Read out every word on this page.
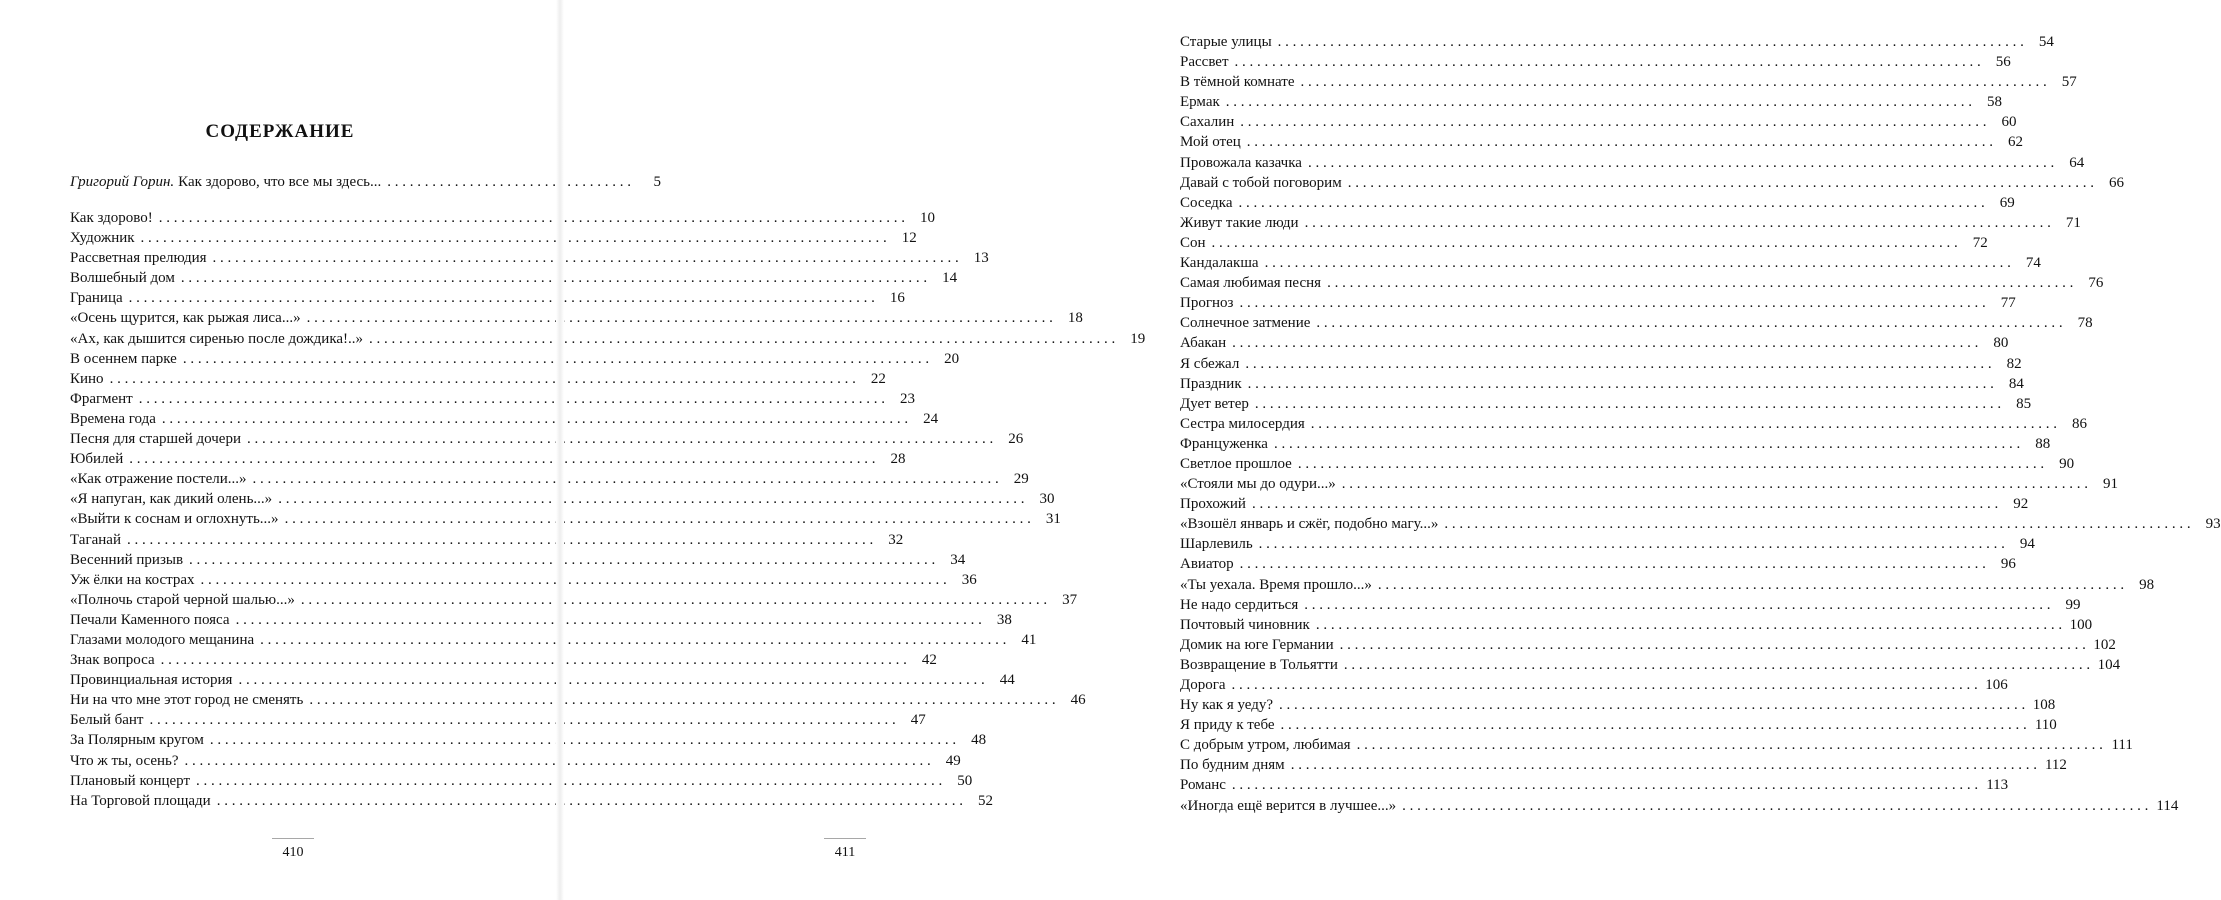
СОДЕРЖАНИЕ
Григорий Горин. Как здорово, что все мы здесь... . . .	5
Как здорово! . . .	10
Художник . . .	12
Рассветная прелюдия . . .	13
Волшебный дом . . .	14
Граница . . .	16
«Осень щурится, как рыжая лиса...» . . .	18
«Ах, как дышится сиренью после дождика!..» . . .	19
В осеннем парке . . .	20
Кино . . .	22
Фрагмент . . .	23
Времена года . . .	24
Песня для старшей дочери . . .	26
Юбилей . . .	28
«Как отражение постели...» . . .	29
«Я напуган, как дикий олень...» . . .	30
«Выйти к соснам и оглохнуть...» . . .	31
Таганай . . .	32
Весенний призыв . . .	34
Уж ёлки на кострах . . .	36
«Полночь старой черной шалью...» . . .	37
Печали Каменного пояса . . .	38
Глазами молодого мещанина . . .	41
Знак вопроса . . .	42
Провинциальная история . . .	44
Ни на что мне этот город не сменять . . .	46
Белый бант . . .	47
За Полярным кругом . . .	48
Что ж ты, осень? . . .	49
Плановый концерт . . .	50
На Торговой площади . . .	52
.....................
410
Старые улицы . . .	54
Рассвет . . .	56
В тёмной комнате . . .	57
Ермак . . .	58
Сахалин . . .	60
Мой отец . . .	62
Провожала казачка . . .	64
Давай с тобой поговорим . . .	66
Соседка . . .	69
Живут такие люди . . .	71
Сон . . .	72
Кандалакша . . .	74
Самая любимая песня . . .	76
Прогноз . . .	77
Солнечное затмение . . .	78
Абакан . . .	80
Я сбежал . . .	82
Праздник . . .	84
Дует ветер . . .	85
Сестра милосердия . . .	86
Француженка . . .	88
Светлое прошлое . . .	90
«Стояли мы до одури...» . . .	91
Прохожий . . .	92
«Взошёл январь и сжёг, подобно магу...» . . .	93
Шарлевиль . . .	94
Авиатор . . .	96
«Ты уехала. Время прошло...» . . .	98
Не надо сердиться . . .	99
Почтовый чиновник . . .	100
Домик на юге Германии . . .	102
Возвращение в Тольятти . . .	104
Дорога . . .	106
Ну как я уеду? . . .	108
Я приду к тебе . . .	110
С добрым утром, любимая . . .	111
По будним дням . . .	112
Романс . . .	113
«Иногда ещё верится в лучшее...» . . .	114
.....................
411
